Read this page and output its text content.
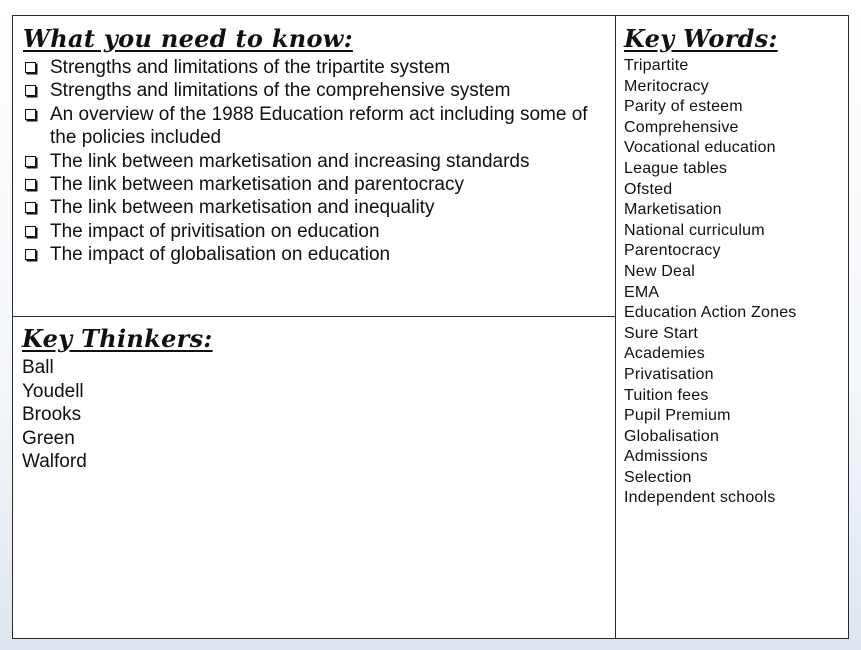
What you need to know:
Strengths and limitations of the tripartite system
Strengths and limitations of the comprehensive system
An overview of the 1988 Education reform act including some of the policies included
The link between marketisation and increasing standards
The link between marketisation and parentocracy
The link between marketisation and inequality
The impact of privitisation on education
The impact of globalisation on education
Key Thinkers:
Ball
Youdell
Brooks
Green
Walford
Key Words:
Tripartite
Meritocracy
Parity of esteem
Comprehensive
Vocational education
League tables
Ofsted
Marketisation
National curriculum
Parentocracy
New Deal
EMA
Education Action Zones
Sure Start
Academies
Privatisation
Tuition fees
Pupil Premium
Globalisation
Admissions
Selection
Independent schools
